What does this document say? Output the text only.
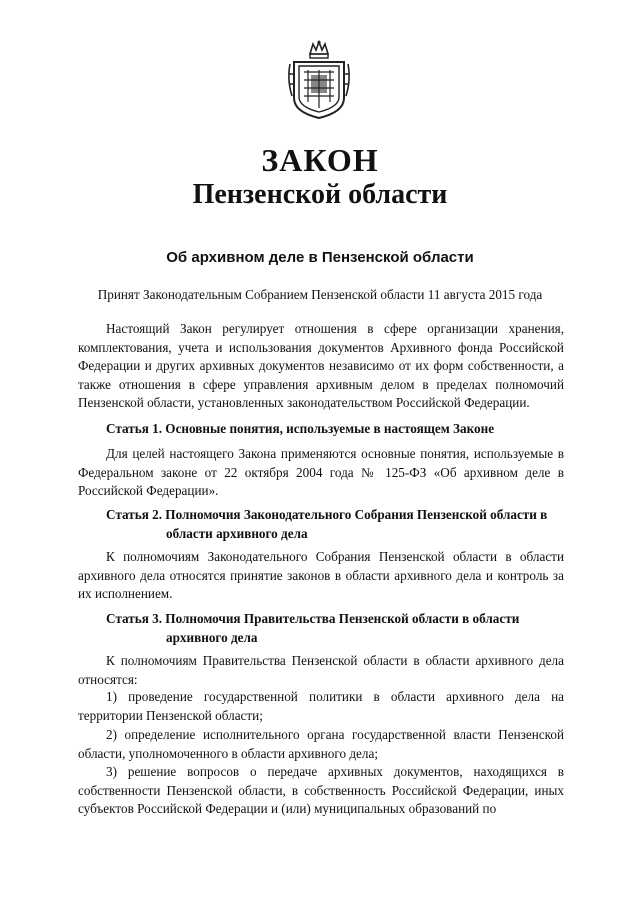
ЗАКОН
Пензенской области
Об архивном деле в Пензенской области
Принят Законодательным Собранием Пензенской области 11 августа 2015 года

Настоящий Закон регулирует отношения в сфере организации хранения, комплектования, учета и использования документов Архивного фонда Российской Федерации и других архивных документов независимо от их форм собственности, а также отношения в сфере управления архивным делом в пределах полномочий Пензенской области, установленных законодательством Российской Федерации.

Статья 1. Основные понятия, используемые в настоящем Законе

Для целей настоящего Закона применяются основные понятия, используемые в Федеральном законе от 22 октября 2004 года № 125-ФЗ «Об архивном деле в Российской Федерации».

Статья 2. Полномочия Законодательного Собрания Пензенской области в
области архивного дела

К полномочиям Законодательного Собрания Пензенской области в области архивного дела относятся принятие законов в области архивного дела и контроль за их исполнением.

Статья 3. Полномочия Правительства Пензенской области в области
архивного дела

К полномочиям Правительства Пензенской области в области архивного дела относятся:

1) проведение государственной политики в области архивного дела на территории Пензенской области;

2) определение исполнительного органа государственной власти Пензенской области, уполномоченного в области архивного дела;

3) решение вопросов о передаче архивных документов, находящихся в собственности Пензенской области, в собственность Российской Федерации, иных субъектов Российской Федерации и (или) муниципальных образований по
